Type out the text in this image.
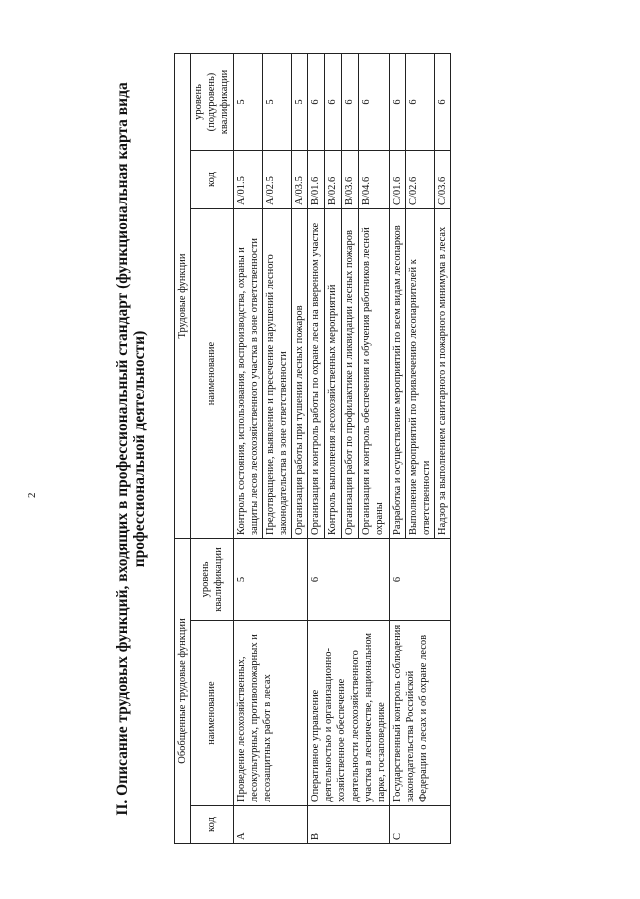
2	II. Описание трудовых функций, входящих в профессиональный стандарт (функциональная карта вида профессиональной деятельности)
Обобщенные трудовые функции			Трудовые функции		
код	наименование	уровень квалификации	наименование	код	уровень (подуровень) квалификации
A	Проведение лесохозяйственных, лесокультурных, противопожарных и лесозащитных работ в лесах	5	Контроль состояния, использования, воспроизводства, охраны и защиты лесов лесохозяйственного участка в зоне ответственности	A/01.5	5
			Предотвращение, выявление и пресечение нарушений лесного законодательства в зоне ответственности	A/02.5	5
			Организация работы при тушении лесных пожаров	A/03.5	5
B	Оперативное управление деятельностью и организационно-хозяйственное обеспечение деятельности лесохозяйственного участка в лесничестве, национальном парке, госзаповеднике	6	Организация и контроль работы по охране леса на вверенном участке	B/01.6	6
			Контроль выполнения лесохозяйственных мероприятий	B/02.6	6
			Организация работ по профилактике и ликвидации лесных пожаров	B/03.6	6
			Организация и контроль обеспечения и обучения работников лесной охраны	B/04.6	6
C	Государственный контроль соблюдения законодательства Российской Федерации о лесах и об охране лесов	6	Разработка и осуществление мероприятий по всем видам лесопарков	C/01.6	6
			Выполнение мероприятий по привлечению лесопарнителей к ответственности	C/02.6	6
			Надзор за выполнением санитарного и пожарного минимума в лесах	C/03.6	6
